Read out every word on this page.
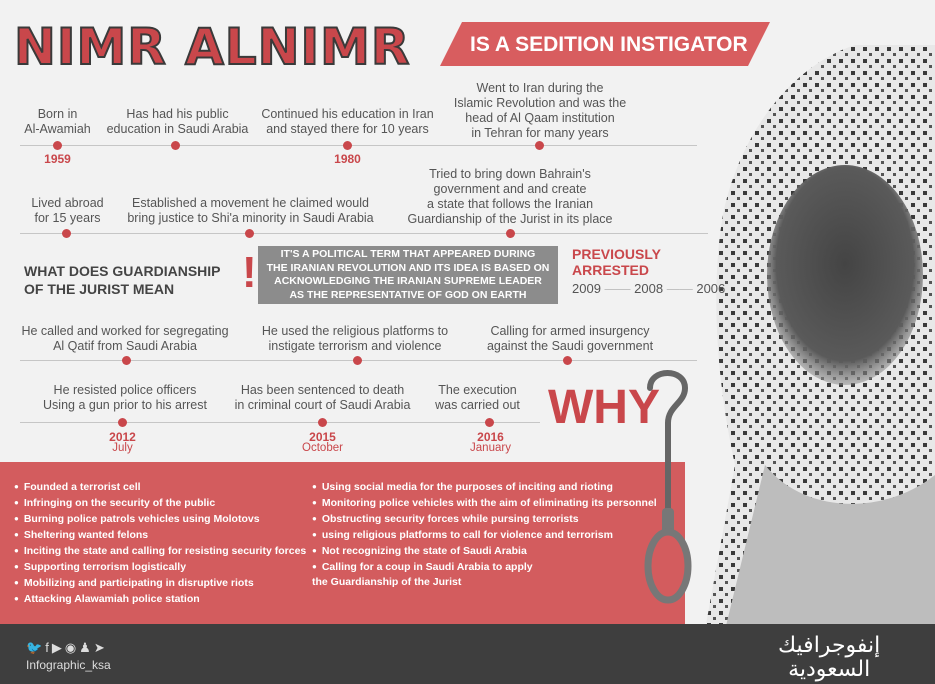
NIMR ALNIMR	IS A SEDITION INSTIGATOR
Born in
Al-Awamiah
1959
Has had his public
education in Saudi Arabia
Continued his education in Iran
and stayed there for 10 years
1980
Went to Iran during the
Islamic Revolution and was the
head of Al Qaam institution
in Tehran for many years
Lived abroad
for 15 years
Established a movement he claimed would
bring justice to Shi'a minority in Saudi Arabia
Tried to bring down Bahrain's
government and and create
a state that follows the Iranian
Guardianship of the Jurist in its place
WHAT DOES GUARDIANSHIP
OF THE JURIST MEAN	!	IT'S A POLITICAL TERM THAT APPEARED DURING
THE IRANIAN REVOLUTION AND ITS IDEA IS BASED ON
ACKNOWLEDGING THE IRANIAN SUPREME LEADER
AS THE REPRESENTATIVE OF GOD ON EARTH
PREVIOUSLY
ARRESTED
2009 —— 2008 —— 2006
He called and worked for segregating
Al Qatif from Saudi Arabia
He used the religious platforms to
instigate terrorism and violence
Calling for armed insurgency
against the Saudi government
He resisted police officers
Using a gun prior to his arrest
2012
July
Has been sentenced to death
in criminal court of Saudi Arabia
2015
October
The execution
was carried out
2016
January
WHY
● Founded a terrorist cell
● Infringing on the security of the public
● Burning police patrols vehicles using Molotovs
● Sheltering wanted felons
● Inciting the state and calling for resisting security forces
● Supporting terrorism logistically
● Mobilizing and participating in disruptive riots
● Attacking Alawamiah police station
● Using social media for the purposes of inciting and rioting
● Monitoring police vehicles with the aim of eliminating its personnel
● Obstructing security forces while pursing terrorists
● using religious platforms to call for violence and terrorism
● Not recognizing the state of Saudi Arabia
● Calling for a coup in Saudi Arabia to apply
the Guardianship of the Jurist
🐦f▶◉♟➤
Infographic_ksa
إنفوجرافيك
السعودية
